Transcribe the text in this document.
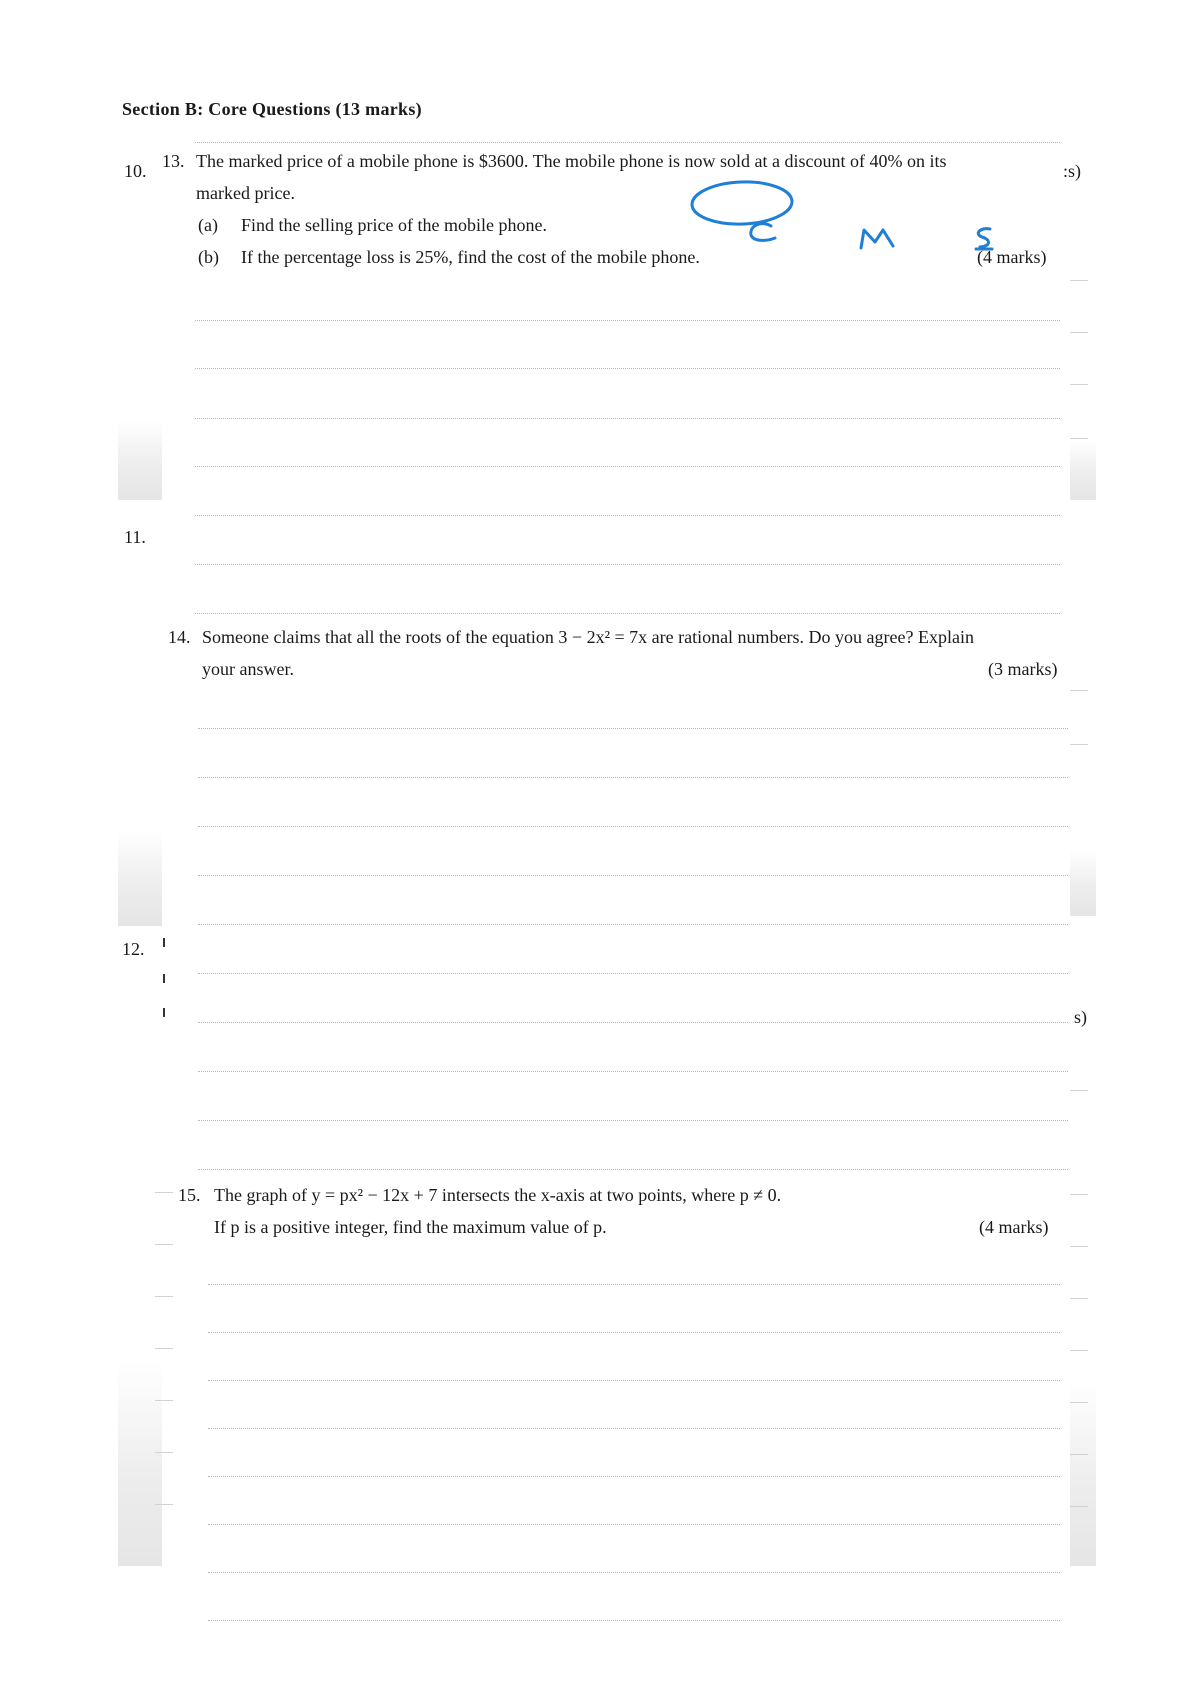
Section B: Core Questions (13 marks)
10.
11.
12.
:s)
s)
13. The marked price of a mobile phone is $3600. The mobile phone is now sold at a discount of 40% on its
marked price.
(a) Find the selling price of the mobile phone.
(b) If the percentage loss is 25%, find the cost of the mobile phone.	(4 marks)
14. Someone claims that all the roots of the equation 3 − 2x² = 7x are rational numbers. Do you agree? Explain
your answer.	(3 marks)
15. The graph of y = px² − 12x + 7 intersects the x-axis at two points, where p ≠ 0.
If p is a positive integer, find the maximum value of p.	(4 marks)
